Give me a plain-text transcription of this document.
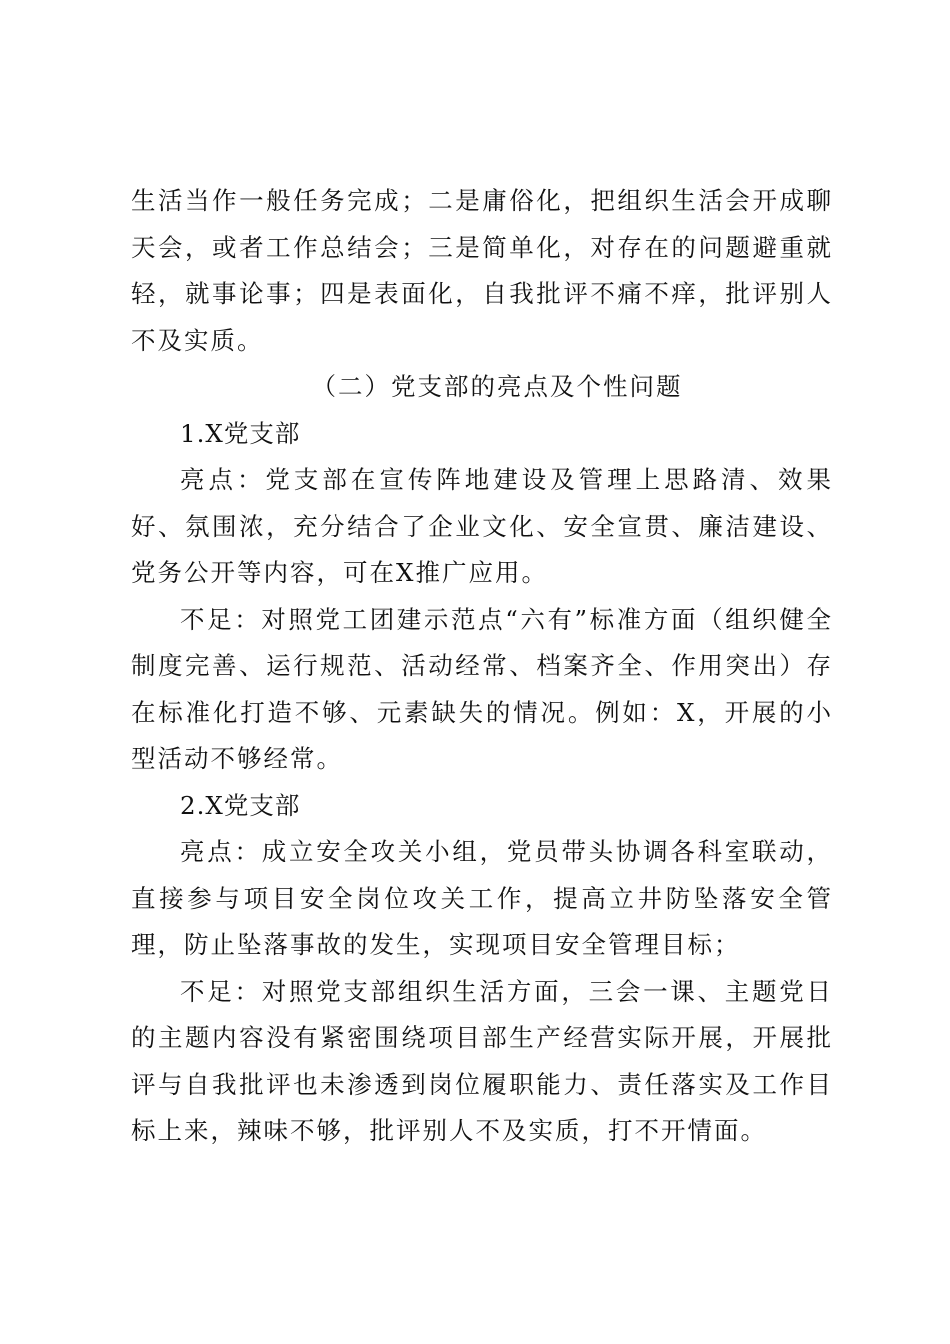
生活当作一般任务完成；二是庸俗化，把组织生活会开成聊天会，或者工作总结会；三是简单化，对存在的问题避重就轻，就事论事；四是表面化，自我批评不痛不痒，批评别人不及实质。

（二）党支部的亮点及个性问题

1.X党支部

亮点：党支部在宣传阵地建设及管理上思路清、效果好、氛围浓，充分结合了企业文化、安全宣贯、廉洁建设、党务公开等内容，可在X推广应用。

不足：对照党工团建示范点“六有”标准方面（组织健全制度完善、运行规范、活动经常、档案齐全、作用突出）存在标准化打造不够、元素缺失的情况。例如：X，开展的小型活动不够经常。

2.X党支部

亮点：成立安全攻关小组，党员带头协调各科室联动，直接参与项目安全岗位攻关工作，提高立井防坠落安全管理，防止坠落事故的发生，实现项目安全管理目标；

不足：对照党支部组织生活方面，三会一课、主题党日的主题内容没有紧密围绕项目部生产经营实际开展，开展批评与自我批评也未渗透到岗位履职能力、责任落实及工作目标上来，辣味不够，批评别人不及实质，打不开情面。
